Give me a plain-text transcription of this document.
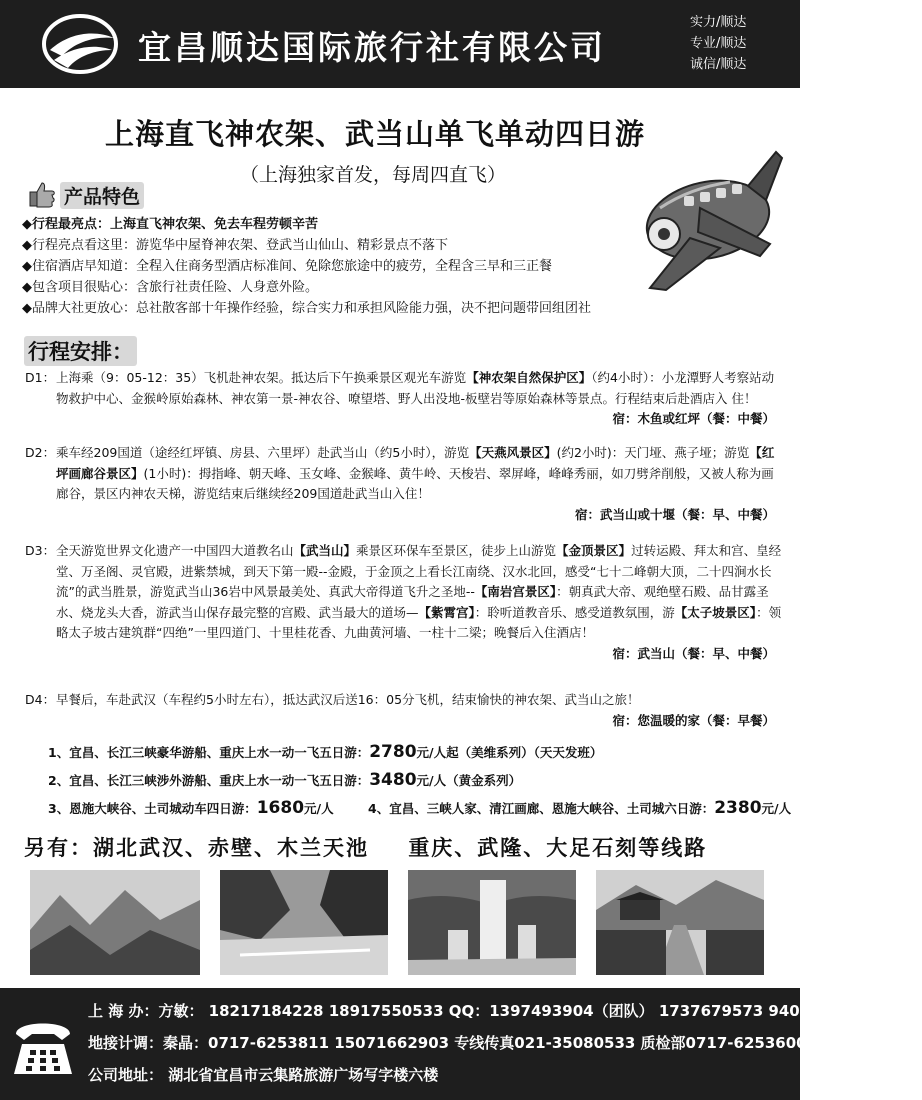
宜昌顺达国际旅行社有限公司
实力/顺达
专业/顺达
诚信/顺达
上海直飞神农架、武当山单飞单动四日游
（上海独家首发，每周四直飞）
产品特色
◆行程最亮点：上海直飞神农架、免去车程劳顿辛苦
◆行程亮点看这里：游览华中屋脊神农架、登武当山仙山、精彩景点不落下
◆住宿酒店早知道：全程入住商务型酒店标准间、免除您旅途中的疲劳，全程含三早和三正餐
◆包含项目很贴心：含旅行社责任险、人身意外险。
◆品牌大社更放心：总社散客部十年操作经验，综合实力和承担风险能力强，决不把问题带回组团社
行程安排：
D1： 上海乘（9：05-12：35）飞机赴神农架。抵达后下午换乘景区观光车游览【神农架自然保护区】（约4小时）：小龙潭野人考察站动物救护中心、金猴岭原始森林、神农第一景-神农谷、嘹望塔、野人出没地-板壁岩等原始森林等景点。行程结束后赴酒店入 住！
宿：木鱼或红坪（餐：中餐）
D2： 乘车经209国道（途经红坪镇、房县、六里坪）赴武当山（约5小时），游览【天燕风景区】(约2小时)：天门垭、燕子垭；游览【红坪画廊谷景区】(1小时)：拇指峰、朝天峰、玉女峰、金猴峰、黄牛岭、天梭岩、翠屏峰，峰峰秀丽，如刀劈斧削般，又被人称为画廊谷，景区内神农天梯，游览结束后继续经209国道赴武当山入住！
宿：武当山或十堰（餐：早、中餐）
D3： 全天游览世界文化遗产一中国四大道教名山【武当山】乘景区环保车至景区，徒步上山游览【金顶景区】过转运殿、拜太和宫、皇经堂、万圣阁、灵官殿，进紫禁城，到天下第一殿--金殿，于金顶之上看长江南绕、汉水北回，感受“七十二峰朝大顶，二十四涧水长流”的武当胜景，游览武当山36岩中风景最美处、真武大帝得道飞升之圣地--【南岩宫景区】：朝真武大帝、观绝壁石殿、品甘露圣水、烧龙头大香，游武当山保存最完整的宫殿、武当最大的道场—【紫霄宫】：聆听道教音乐、感受道教氛围，游【太子坡景区】：领略太子坡古建筑群“四绝”一里四道门、十里桂花香、九曲黄河墙、一柱十二梁；晚餐后入住酒店！
宿：武当山（餐：早、中餐）
D4： 早餐后，车赴武汉（车程约5小时左右），抵达武汉后送16：05分飞机，结束愉快的神农架、武当山之旅！
宿：您温暖的家（餐：早餐）
1、宜昌、长江三峡豪华游船、重庆上水一动一飞五日游：2780元/人起（美维系列）（天天发班）
2、宜昌、长江三峡涉外游船、重庆上水一动一飞五日游：3480元/人（黄金系列）
3、恩施大峡谷、土司城动车四日游：1680元/人	4、宜昌、三峡人家、清江画廊、恩施大峡谷、土司城六日游：2380元/人
另有：湖北武汉、赤壁、木兰天池 重庆、武隆、大足石刻等线路
上 海 办：方敏： 18217184228 18917550533 QQ：1397493904（团队） 1737679573 940662035（散客）
地接计调：秦晶：0717-6253811 15071662903 专线传真021-35080533 质检部0717-6253600
公司地址： 湖北省宜昌市云集路旅游广场写字楼六楼
